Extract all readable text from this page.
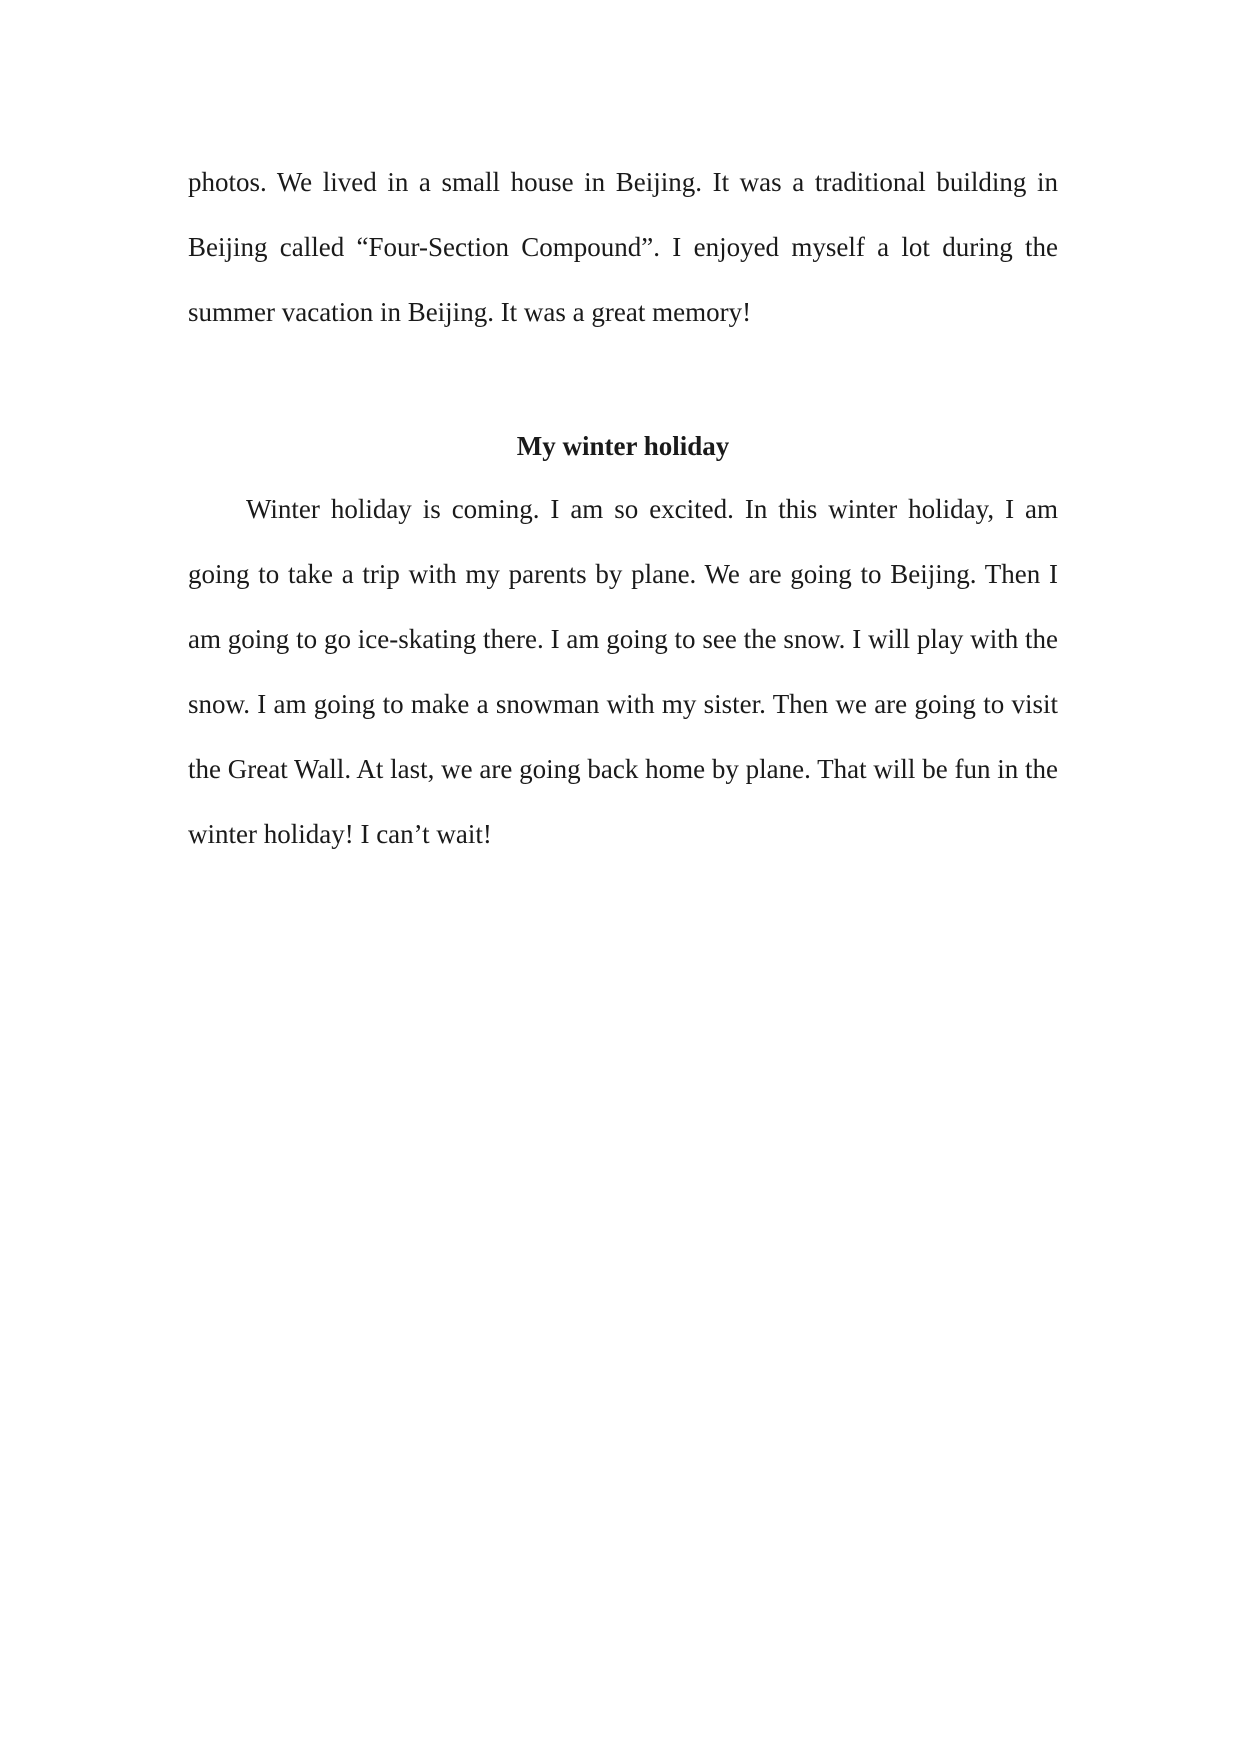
photos. We lived in a small house in Beijing. It was a traditional building in Beijing called “Four-Section Compound”. I enjoyed myself a lot during the summer vacation in Beijing. It was a great memory!

My winter holiday

Winter holiday is coming. I am so excited. In this winter holiday, I am going to take a trip with my parents by plane. We are going to Beijing. Then I am going to go ice-skating there. I am going to see the snow. I will play with the snow. I am going to make a snowman with my sister. Then we are going to visit the Great Wall. At last, we are going back home by plane. That will be fun in the winter holiday! I can’t wait!
